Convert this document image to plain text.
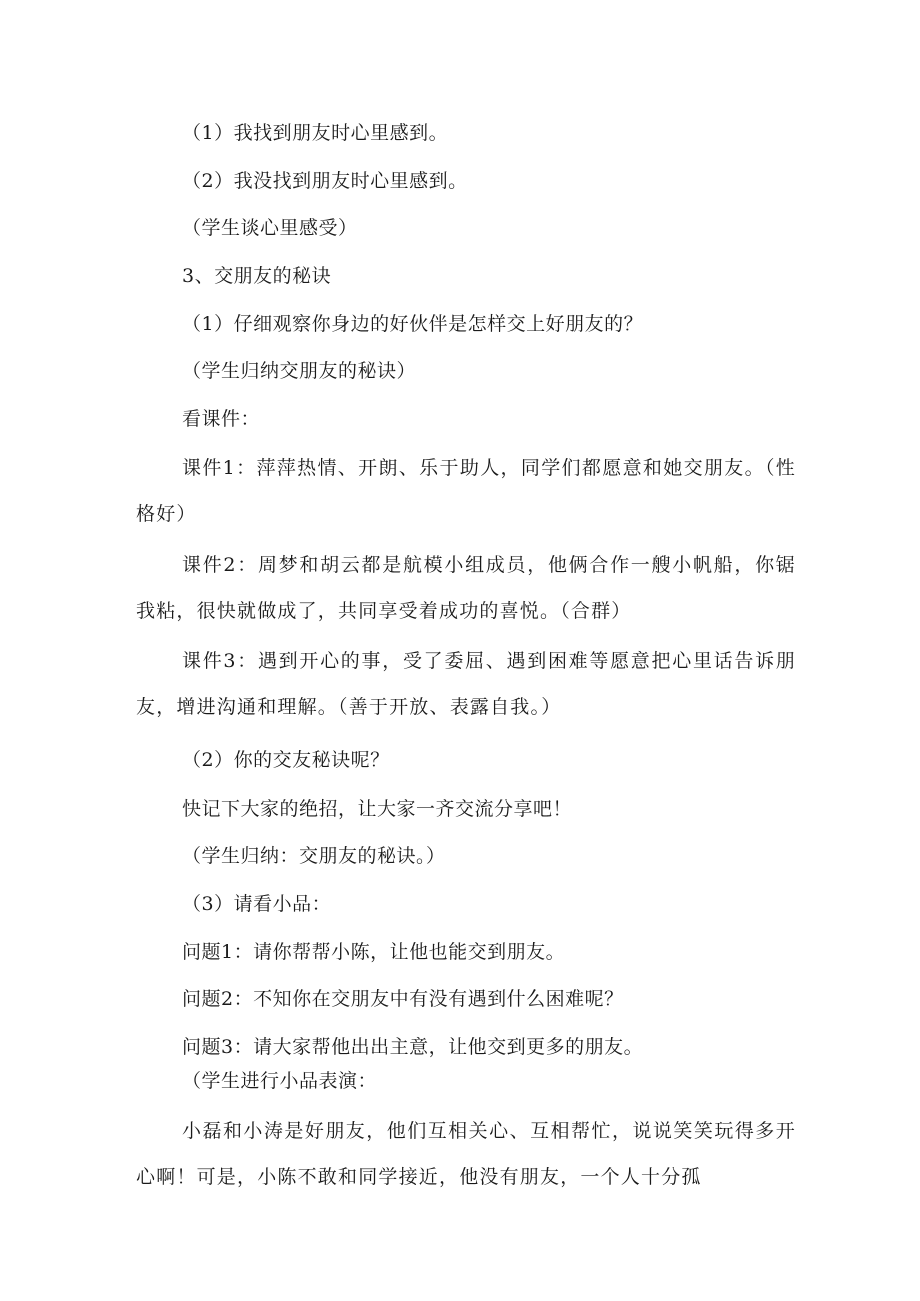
（1）我找到朋友时心里感到。
（2）我没找到朋友时心里感到。
（学生谈心里感受）
3、交朋友的秘诀
（1）仔细观察你身边的好伙伴是怎样交上好朋友的？
（学生归纳交朋友的秘诀）
看课件：
课件1：萍萍热情、开朗、乐于助人，同学们都愿意和她交朋友。（性格好）
课件2：周梦和胡云都是航模小组成员，他俩合作一艘小帆船，你锯我粘，很快就做成了，共同享受着成功的喜悦。（合群）
课件3：遇到开心的事，受了委屈、遇到困难等愿意把心里话告诉朋友，增进沟通和理解。（善于开放、表露自我。）
（2）你的交友秘诀呢？
快记下大家的绝招，让大家一齐交流分享吧！
（学生归纳：交朋友的秘诀。）
（3）请看小品：
问题1：请你帮帮小陈，让他也能交到朋友。
问题2：不知你在交朋友中有没有遇到什么困难呢？
问题3：请大家帮他出出主意，让他交到更多的朋友。
（学生进行小品表演：
小磊和小涛是好朋友，他们互相关心、互相帮忙，说说笑笑玩得多开心啊！可是，小陈不敢和同学接近，他没有朋友，一个人十分孤
